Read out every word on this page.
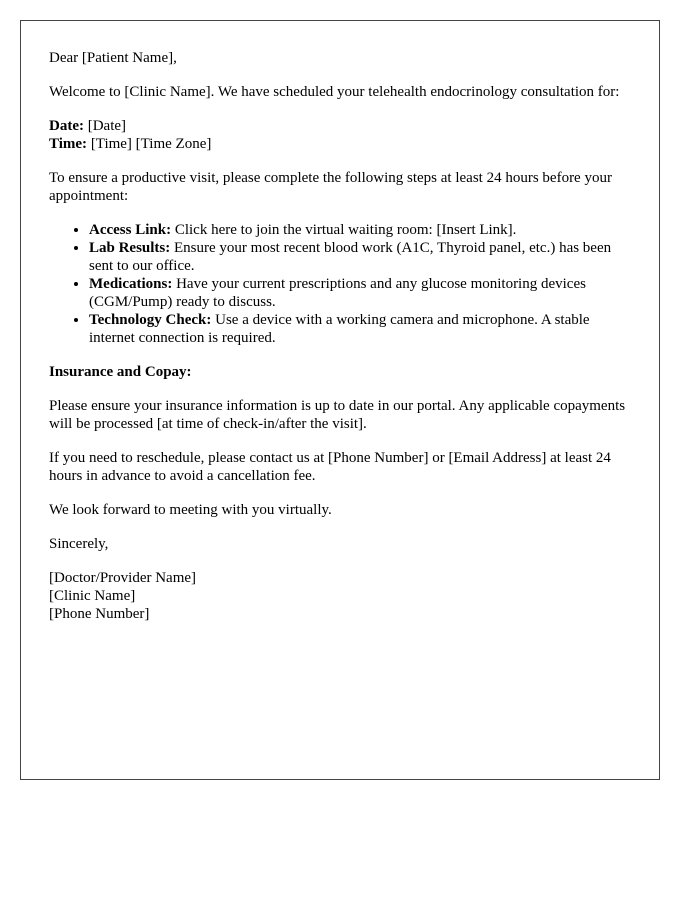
Dear [Patient Name],

Welcome to [Clinic Name]. We have scheduled your telehealth endocrinology consultation for:

Date: [Date]

Time: [Time] [Time Zone]

To ensure a productive visit, please complete the following steps at least 24 hours before your appointment:

• Access Link: Click here to join the virtual waiting room: [Insert Link].
• Lab Results: Ensure your most recent blood work (A1C, Thyroid panel, etc.) has been sent to our office.
• Medications: Have your current prescriptions and any glucose monitoring devices (CGM/Pump) ready to discuss.
• Technology Check: Use a device with a working camera and microphone. A stable internet connection is required.

Insurance and Copay:

Please ensure your insurance information is up to date in our portal. Any applicable copayments will be processed [at time of check-in/after the visit].

If you need to reschedule, please contact us at [Phone Number] or [Email Address] at least 24 hours in advance to avoid a cancellation fee.

We look forward to meeting with you virtually.

Sincerely,

[Doctor/Provider Name]

[Clinic Name]

[Phone Number]
